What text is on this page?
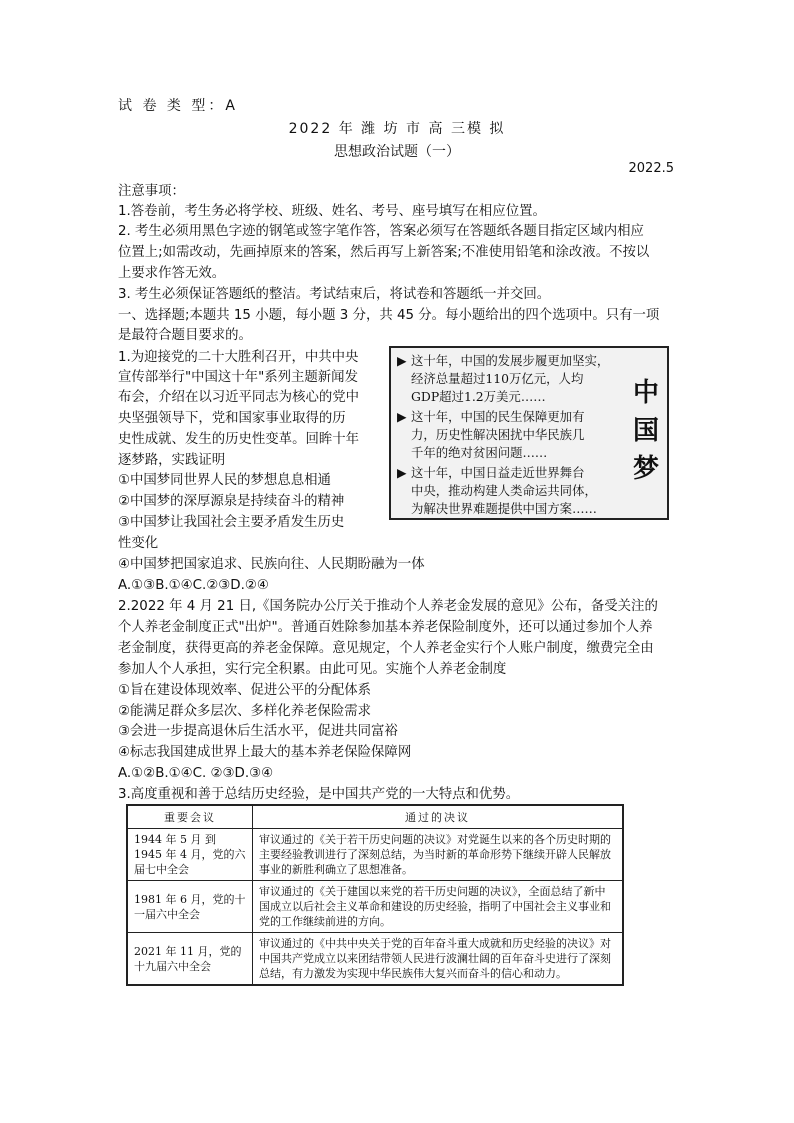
试 卷 类 型：A
2022 年 潍 坊 市 高 三模 拟
思想政治试题（一）
2022.5
注意事项：
1.答卷前，考生务必将学校、班级、姓名、考号、座号填写在相应位置。
2. 考生必须用黑色字迹的钢笔或签字笔作答，答案必须写在答题纸各题目指定区域内相应
位置上;如需改动，先画掉原来的答案，然后再写上新答案;不准使用铅笔和涂改液。不按以
上要求作答无效。
3. 考生必须保证答题纸的整洁。考试结束后，将试卷和答题纸一并交回。
一、选择题;本题共 15 小题，每小题 3 分，共 45 分。每小题给出的四个选项中。只有一项
是最符合题目要求的。
1.为迎接党的二十大胜利召开，中共中央
宣传部举行"中国这十年"系列主题新闻发
布会，介绍在以习近平同志为核心的党中
央坚强领导下，党和国家事业取得的历
史性成就、发生的历史性变革。回眸十年
逐梦路，实践证明
①中国梦同世界人民的梦想息息相通
②中国梦的深厚源泉是持续奋斗的精神
③中国梦让我国社会主要矛盾发生历史
性变化
④中国梦把国家追求、民族向往、人民期盼融为一体
A.①③B.①④C.②③D.②④
▶ 这十年，中国的发展步履更加坚实，
经济总量超过110万亿元，人均
GDP超过1.2万美元……
▶ 这十年，中国的民生保障更加有
力，历史性解决困扰中华民族几
千年的绝对贫困问题……
▶ 这十年，中国日益走近世界舞台
中央，推动构建人类命运共同体，
为解决世界难题提供中国方案……
中
国
梦
2.2022 年 4 月 21 日,《国务院办公厅关于推动个人养老金发展的意见》公布，备受关注的
个人养老金制度正式"出炉"。普通百姓除参加基本养老保险制度外，还可以通过参加个人养
老金制度，获得更高的养老金保障。意见规定，个人养老金实行个人账户制度，缴费完全由
参加人个人承担，实行完全积累。由此可见。实施个人养老金制度
①旨在建设体现效率、促进公平的分配体系
②能满足群众多层次、多样化养老保险需求
③会进一步提高退休后生活水平，促进共同富裕
④标志我国建成世界上最大的基本养老保险保障网
A.①②B.①④C. ②③D.③④
3.高度重视和善于总结历史经验，是中国共产党的一大特点和优势。
重要会议	通过的决议
1944 年 5 月 到 1945 年 4 月，党的六届七中全会	审议通过的《关于若干历史问题的决议》对党诞生以来的各个历史时期的主要经验教训进行了深刻总结，为当时新的革命形势下继续开辟人民解放事业的新胜利确立了思想准备。
1981 年 6 月，党的十一届六中全会	审议通过的《关于建国以来党的若干历史问题的决议》，全面总结了新中国成立以后社会主义革命和建设的历史经验，指明了中国社会主义事业和党的工作继续前进的方向。
2021 年 11 月，党的十九届六中全会	审议通过的《中共中央关于党的百年奋斗重大成就和历史经验的决议》对中国共产党成立以来团结带领人民进行波澜壮阔的百年奋斗史进行了深刻总结，有力激发为实现中华民族伟大复兴而奋斗的信心和动力。
